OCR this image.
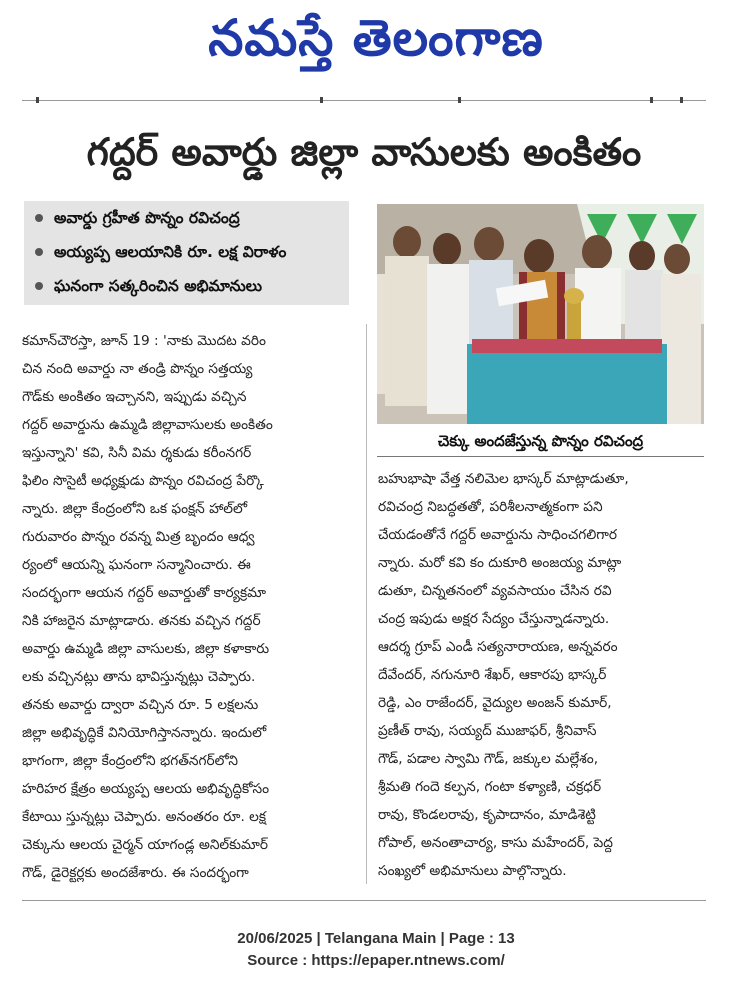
నమస్తే తెలంగాణ
గద్దర్ అవార్డు జిల్లా వాసులకు అంకితం
అవార్డు గ్రహీత పొన్నం రవిచంద్ర
అయ్యప్ప ఆలయానికి రూ. లక్ష విరాళం
ఘనంగా సత్కరించిన అభిమానులు
చెక్కు అందజేస్తున్న పొన్నం రవిచంద్ర
కమాన్‌చౌరస్తా, జూన్ 19 : 'నాకు మొదట వరిం
చిన నంది అవార్డు నా తండ్రి పొన్నం సత్తయ్య
గౌడ్‌కు అంకితం ఇచ్చానని, ఇప్పుడు వచ్చిన
గద్దర్ అవార్డును ఉమ్మడి జిల్లావాసులకు అంకితం
ఇస్తున్నాని' కవి, సినీ విమ ర్శకుడు కరీంనగర్
ఫిలిం సొసైటీ అధ్యక్షుడు పొన్నం రవిచంద్ర పేర్కొ
న్నారు. జిల్లా కేంద్రంలోని ఒక ఫంక్షన్ హాల్‌లో
గురువారం పొన్నం రవన్న మిత్ర బృందం ఆధ్వ
ర్యంలో ఆయన్ని ఘనంగా సన్మానించారు. ఈ
సందర్భంగా ఆయన గద్దర్ అవార్డుతో కార్యక్రమా
నికి హాజరైన మాట్లాడారు. తనకు వచ్చిన గద్దర్
అవార్డు ఉమ్మడి జిల్లా వాసులకు, జిల్లా కళాకారు
లకు వచ్చినట్లు తాను భావిస్తున్నట్లు చెప్పారు.
తనకు అవార్డు ద్వారా వచ్చిన రూ. 5 లక్షలను
జిల్లా అభివృద్ధికే వినియోగిస్తానన్నారు. ఇందులో
భాగంగా, జిల్లా కేంద్రంలోని భగత్‌నగర్‌లోని
హరిహర క్షేత్రం అయ్యప్ప ఆలయ అభివృద్ధికోసం
కేటాయి స్తున్నట్లు చెప్పారు. అనంతరం రూ. లక్ష
చెక్కును ఆలయ చైర్మన్ యాగండ్ల అనిల్‌కుమార్
గౌడ్, డైరెక్టర్లకు అందజేశారు. ఈ సందర్భంగా
బహుభాషా వేత్త నలిమెల భాస్కర్ మాట్లాడుతూ,
రవిచంద్ర నిబద్ధతతో, పరిశీలనాత్మకంగా పని
చేయడంతోనే గద్దర్ అవార్డును సాధించగలిగార
న్నారు. మరో కవి కం దుకూరి అంజయ్య మాట్లా
డుతూ, చిన్నతనంలో వ్యవసాయం చేసిన రవి
చంద్ర ఇపుడు అక్షర సేద్యం చేస్తున్నాడన్నారు.
ఆదర్శ గ్రూప్ ఎండీ సత్యనారాయణ, అన్నవరం
దేవేందర్, నగునూరి శేఖర్, ఆకారపు భాస్కర్
రెడ్డి, ఎం రాజేందర్, వైద్యుల అంజన్ కుమార్,
ప్రణీత్ రావు, సయ్యద్ ముజాఫర్, శ్రీనివాస్
గౌడ్, పడాల స్వామి గౌడ్, జక్కుల మల్లేశం,
శ్రీమతి గందె కల్పన, గంటా కళ్యాణి, చక్రధర్
రావు, కొండలరావు, కృపాదానం, మాడిశెట్టి
గోపాల్, అనంతాచార్య, కాసు మహేందర్, పెద్ద
సంఖ్యలో అభిమానులు పాల్గొన్నారు.
20/06/2025 | Telangana Main | Page : 13
Source : https://epaper.ntnews.com/
